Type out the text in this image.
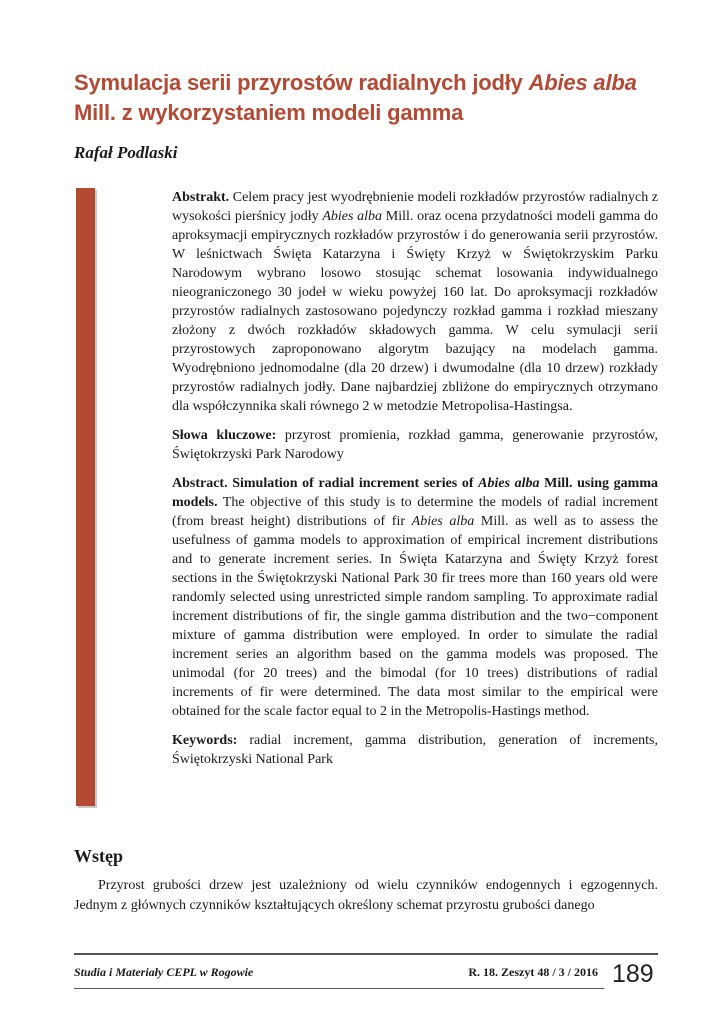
Symulacja serii przyrostów radialnych jodły Abies alba
Mill. z wykorzystaniem modeli gamma
Rafał Podlaski
ARTYKUŁY / ARTICLES	Abstrakt. Celem pracy jest wyodrębnienie modeli rozkładów przyrostów radialnych z wysokości pierśnicy jodły Abies alba Mill. oraz ocena przydatności modeli gamma do aproksymacji empirycznych rozkładów przyrostów i do generowania serii przyrostów. W leśnictwach Święta Katarzyna i Święty Krzyż w Świętokrzyskim Parku Narodowym wybrano losowo stosując schemat losowania indywidualnego nieograniczonego 30 jodeł w wieku powyżej 160 lat. Do aproksymacji rozkładów przyrostów radialnych zastosowano pojedynczy rozkład gamma i rozkład mieszany złożony z dwóch rozkładów składowych gamma. W celu symulacji serii przyrostowych zaproponowano algorytm bazujący na modelach gamma. Wyodrębniono jednomodalne (dla 20 drzew) i dwumodalne (dla 10 drzew) rozkłady przyrostów radialnych jodły. Dane najbardziej zbliżone do empirycznych otrzymano dla współczynnika skali równego 2 w metodzie Metropolisa-Hastingsa.

Słowa kluczowe: przyrost promienia, rozkład gamma, generowanie przyrostów, Świętokrzyski Park Narodowy

Abstract. Simulation of radial increment series of Abies alba Mill. using gamma models. The objective of this study is to determine the models of radial increment (from breast height) distributions of fir Abies alba Mill. as well as to assess the usefulness of gamma models to approximation of empirical increment distributions and to generate increment series. In Święta Katarzyna and Święty Krzyż forest sections in the Świętokrzyski National Park 30 fir trees more than 160 years old were randomly selected using unrestricted simple random sampling. To approximate radial increment distributions of fir, the single gamma distribution and the two−component mixture of gamma distribution were employed. In order to simulate the radial increment series an algorithm based on the gamma models was proposed. The unimodal (for 20 trees) and the bimodal (for 10 trees) distributions of radial increments of fir were determined. The data most similar to the empirical were obtained for the scale factor equal to 2 in the Metropolis-Hastings method.

Keywords: radial increment, gamma distribution, generation of increments, Świętokrzyski National Park

Wstęp

Przyrost grubości drzew jest uzależniony od wielu czynników endogennych i egzogennych. Jednym z głównych czynników kształtujących określony schemat przyrostu grubości danego

Studia i Materiały CEPL w Rogowie	R. 18. Zeszyt 48 / 3 / 2016 189
